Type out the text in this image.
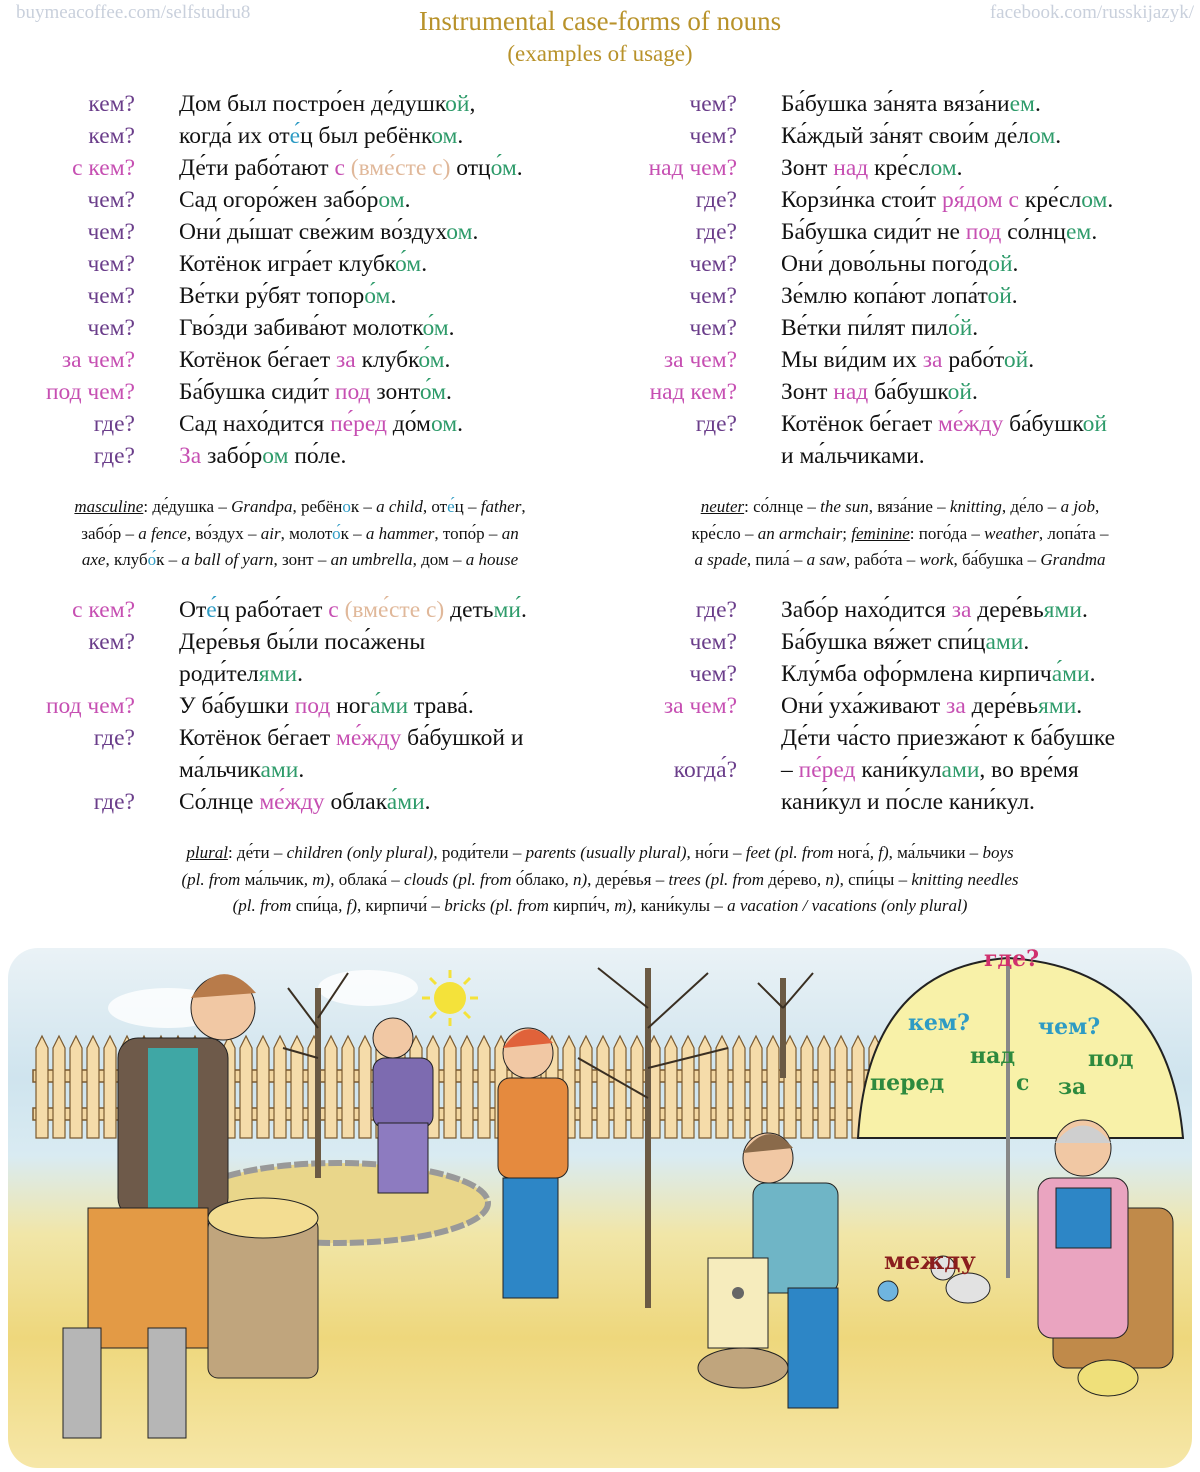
buymeacoffee.com/selfstudru8	facebook.com/russkijazyk/
Instrumental case-forms of nouns
(examples of usage)
кем? Дом был постро́ен де́душкой,
кем? когда́ их оте́ц был ребёнком.
с кем? Де́ти рабо́тают с (вме́сте с) отцо́м.
чем? Сад огоро́жен забо́ром.
чем? Они́ ды́шат све́жим во́здухом.
чем? Котёнок игра́ет клубко́м.
чем? Ве́тки ру́бят топоро́м.
чем? Гво́зди забива́ют молотко́м.
за чем? Котёнок бе́гает за клубко́м.
под чем? Ба́бушка сиди́т под зонто́м.
где? Сад нахо́дится пе́ред до́мом.
где? За забо́ром по́ле.
чем? Ба́бушка за́нята вяза́нием.
чем? Ка́ждый за́нят свои́м де́лом.
над чем? Зонт над кре́слом.
где? Корзи́нка стои́т ря́дом с кре́слом.
где? Ба́бушка сиди́т не под со́лнцем.
чем? Они́ дово́льны пого́дой.
чем? Зе́млю копа́ют лопа́той.
чем? Ве́тки пи́лят пило́й.
за чем? Мы ви́дим их за рабо́той.
над кем? Зонт над ба́бушкой.
где? Котёнок бе́гает ме́жду ба́бушкой
и ма́льчиками.
masculine: де́душка – Grandpa, ребёнок – a child, оте́ц – father,
забо́р – a fence, во́здух – air, молото́к – a hammer, топо́р – an
axe, клубо́к – a ball of yarn, зонт – an umbrella, дом – a house
neuter: со́лнце – the sun, вяза́ние – knitting, де́ло – a job,
кре́сло – an armchair; feminine: пого́да – weather, лопа́та –
a spade, пила́ – a saw, рабо́та – work, ба́бушка – Grandma
с кем? Оте́ц рабо́тает с (вме́сте с) детьми́.
кем? Дере́вья бы́ли поса́жены
роди́телями.
под чем? У ба́бушки под нога́ми трава́.
где? Котёнок бе́гает ме́жду ба́бушкой и
ма́льчиками.
где? Со́лнце ме́жду облака́ми.
где? Забо́р нахо́дится за дере́вьями.
чем? Ба́бушка вя́жет спи́цами.
чем? Клу́мба офо́рмлена кирпича́ми.
за чем? Они́ уха́живают за дере́вьями.
Де́ти ча́сто приезжа́ют к ба́бушке
когда́? – пе́ред кани́кулами, во вре́мя
кани́кул и по́сле кани́кул.
plural: де́ти – children (only plural), роди́тели – parents (usually plural), но́ги – feet (pl. from нога́, f), ма́льчики – boys
(pl. from ма́льчик, m), облака́ – clouds (pl. from о́блако, n), дере́вья – trees (pl. from де́рево, n), спи́цы – knitting needles
(pl. from спи́ца, f), кирпичи́ – bricks (pl. from кирпи́ч, m), кани́кулы – a vacation / vacations (only plural)
где?
кем?	чем?
над	под
перед	с за
между
